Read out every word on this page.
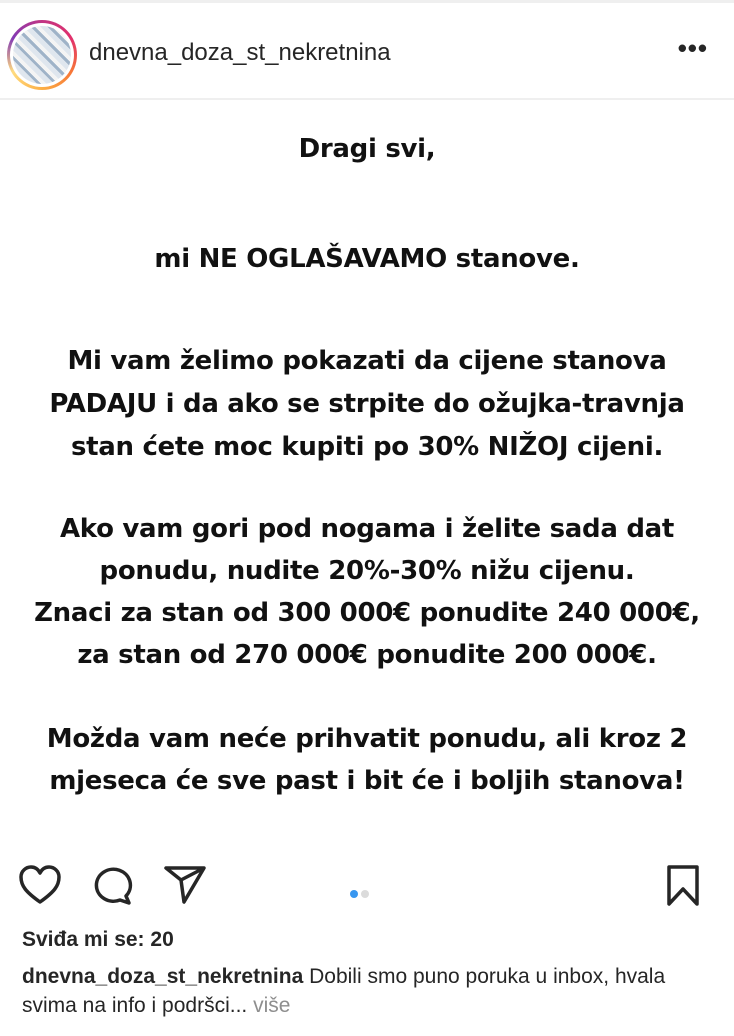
dnevna_doza_st_nekretnina	•••

Dragi svi,

mi NE OGLAŠAVAMO stanove.

Mi vam želimo pokazati da cijene stanova

PADAJU i da ako se strpite do ožujka-travnja

stan ćete moc kupiti po 30% NIŽOJ cijeni.

Ako vam gori pod nogama i želite sada dat

ponudu, nudite 20%-30% nižu cijenu.

Znaci za stan od 300 000€ ponudite 240 000€,

za stan od 270 000€ ponudite 200 000€.

Možda vam neće prihvatit ponudu, ali kroz 2

mjeseca će sve past i bit će i boljih stanova!

Sviđa mi se: 20
dnevna_doza_st_nekretnina Dobili smo puno poruka u inbox, hvala svima na info i podršci... više
